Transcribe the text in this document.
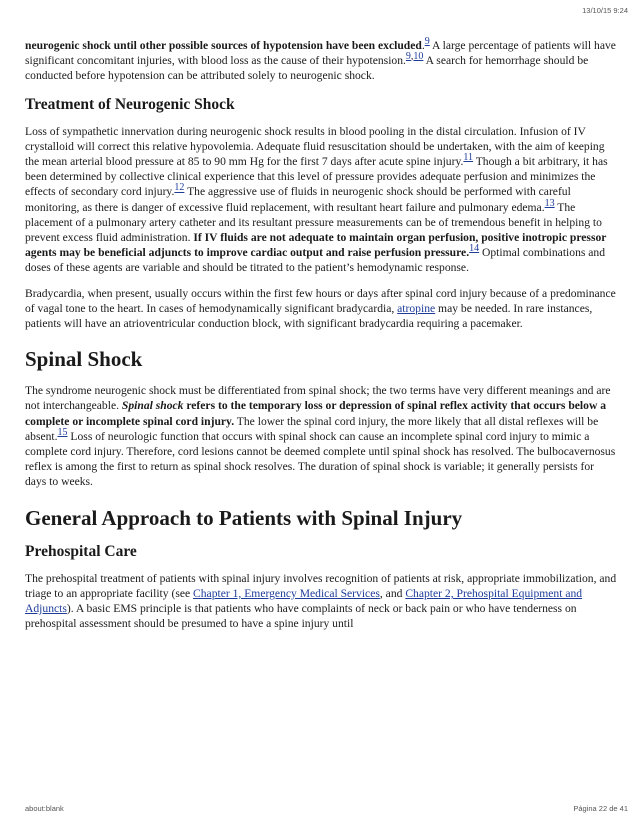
13/10/15 9:24

neurogenic shock until other possible sources of hypotension have been excluded.$^9$ A large percentage of patients will have significant concomitant injuries, with blood loss as the cause of their hypotension.$^{9,10}$ A search for hemorrhage should be conducted before hypotension can be attributed solely to neurogenic shock.

Treatment of Neurogenic Shock

Loss of sympathetic innervation during neurogenic shock results in blood pooling in the distal circulation. Infusion of IV crystalloid will correct this relative hypovolemia. Adequate fluid resuscitation should be undertaken, with the aim of keeping the mean arterial blood pressure at 85 to 90 mm Hg for the first 7 days after acute spine injury.$^{11}$ Though a bit arbitrary, it has been determined by collective clinical experience that this level of pressure provides adequate perfusion and minimizes the effects of secondary cord injury.$^{12}$ The aggressive use of fluids in neurogenic shock should be performed with careful monitoring, as there is danger of excessive fluid replacement, with resultant heart failure and pulmonary edema.$^{13}$ The placement of a pulmonary artery catheter and its resultant pressure measurements can be of tremendous benefit in helping to prevent excess fluid administration. If IV fluids are not adequate to maintain organ perfusion, positive inotropic pressor agents may be beneficial adjuncts to improve cardiac output and raise perfusion pressure.$^{14}$ Optimal combinations and doses of these agents are variable and should be titrated to the patient’s hemodynamic response.

Bradycardia, when present, usually occurs within the first few hours or days after spinal cord injury because of a predominance of vagal tone to the heart. In cases of hemodynamically significant bradycardia, atropine may be needed. In rare instances, patients will have an atrioventricular conduction block, with significant bradycardia requiring a pacemaker.

Spinal Shock

The syndrome neurogenic shock must be differentiated from spinal shock; the two terms have very different meanings and are not interchangeable. Spinal shock refers to the temporary loss or depression of spinal reflex activity that occurs below a complete or incomplete spinal cord injury. The lower the spinal cord injury, the more likely that all distal reflexes will be absent.$^{15}$ Loss of neurologic function that occurs with spinal shock can cause an incomplete spinal cord injury to mimic a complete cord injury. Therefore, cord lesions cannot be deemed complete until spinal shock has resolved. The bulbocavernosus reflex is among the first to return as spinal shock resolves. The duration of spinal shock is variable; it generally persists for days to weeks.

General Approach to Patients with Spinal Injury
Prehospital Care

The prehospital treatment of patients with spinal injury involves recognition of patients at risk, appropriate immobilization, and triage to an appropriate facility (see Chapter 1, Emergency Medical Services, and Chapter 2, Prehospital Equipment and Adjuncts). A basic EMS principle is that patients who have complaints of neck or back pain or who have tenderness on prehospital assessment should be presumed to have a spine injury until

about:blank	Página 22 de 41
